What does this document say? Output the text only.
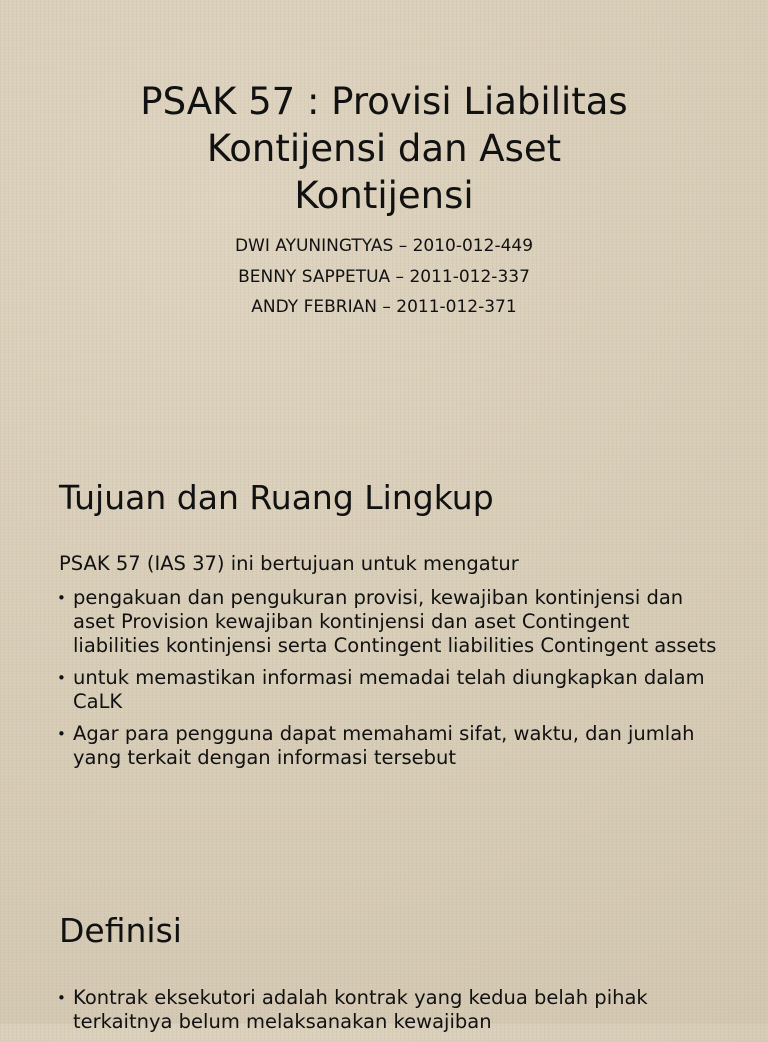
PSAK 57 : Provisi Liabilitas
Kontijensi dan Aset
Kontijensi
DWI AYUNINGTYAS – 2010-012-449
BENNY SAPPETUA – 2011-012-337
ANDY FEBRIAN – 2011-012-371
Tujuan dan Ruang Lingkup

PSAK 57 (IAS 37) ini bertujuan untuk mengatur

• pengakuan dan pengukuran provisi, kewajiban kontinjensi dan aset Provision kewajiban kontinjensi dan aset Contingent liabilities kontinjensi serta Contingent liabilities Contingent assets
• untuk memastikan informasi memadai telah diungkapkan dalam CaLK
• Agar para pengguna dapat memahami sifat, waktu, dan jumlah yang terkait dengan informasi tersebut
Definisi
• Kontrak eksekutori adalah kontrak yang kedua belah pihak terkaitnya belum melaksanakan kewajiban
